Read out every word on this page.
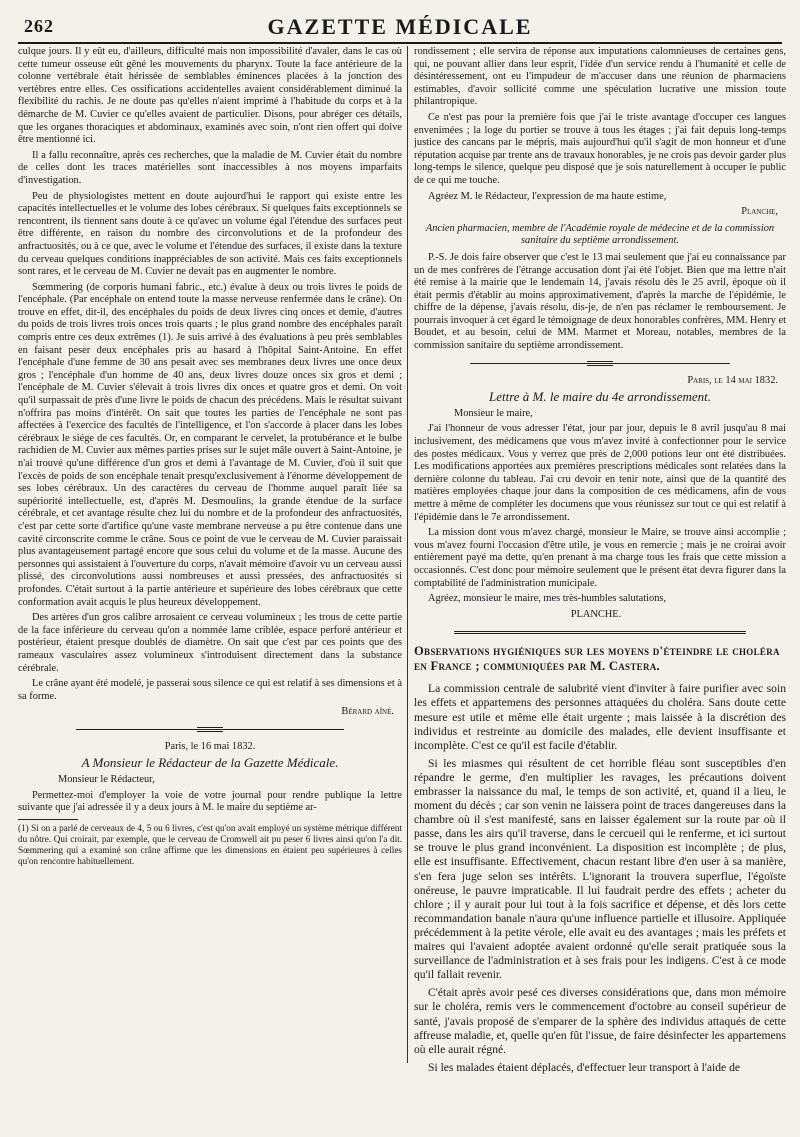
262	GAZETTE MÉDICALE

culque jours. Il y eût eu, d'ailleurs, difficulté mais non impossibilité d'avaler, dans le cas où cette tumeur osseuse eût gêné les mouvements du pharynx. Toute la face antérieure de la colonne vertébrale était hérissée de semblables éminences placées à la jonction des vertèbres entre elles. Ces ossifications accidentelles avaient considérablement diminué la flexibilité du rachis. Je ne doute pas qu'elles n'aient imprimé à l'habitude du corps et à la démarche de M. Cuvier ce qu'elles avaient de particulier. Disons, pour abréger ces détails, que les organes thoraciques et abdominaux, examinés avec soin, n'ont rien offert qui doive être mentionné ici.

Il a fallu reconnaître, après ces recherches, que la maladie de M. Cuvier était du nombre de celles dont les traces matérielles sont inaccessibles à nos moyens imparfaits d'investigation.

Peu de physiologistes mettent en doute aujourd'hui le rapport qui existe entre les capacités intellectuelles et le volume des lobes cérébraux. Si quelques faits exceptionnels se rencontrent, ils tiennent sans doute à ce qu'avec un volume égal l'étendue des surfaces peut être différente, en raison du nombre des circonvolutions et de la profondeur des anfractuosités, ou à ce que, avec le volume et l'étendue des surfaces, il existe dans la texture du cerveau quelques conditions inappréciables de son activité. Mais ces faits exceptionnels sont rares, et le cerveau de M. Cuvier ne devait pas en augmenter le nombre.

Sœmmering (de corporis humani fabric., etc.) évalue à deux ou trois livres le poids de l'encéphale. (Par encéphale on entend toute la masse nerveuse renfermée dans le crâne). On trouve en effet, dit-il, des encéphales du poids de deux livres cinq onces et demie, d'autres du poids de trois livres trois onces trois quarts ; le plus grand nombre des encéphales paraît compris entre ces deux extrêmes (1). Je suis arrivé à des évaluations à peu près semblables en faisant peser deux encéphales pris au hasard à l'hôpital Saint-Antoine. En effet l'encéphale d'une femme de 30 ans pesait avec ses membranes deux livres une once deux gros ; l'encéphale d'un homme de 40 ans, deux livres douze onces six gros et demi ; l'encéphale de M. Cuvier s'élevait à trois livres dix onces et quatre gros et demi. On voit qu'il surpassait de près d'une livre le poids de chacun des précédens. Mais le résultat suivant n'offrira pas moins d'intérêt. On sait que toutes les parties de l'encéphale ne sont pas affectées à l'exercice des facultés de l'intelligence, et l'on s'accorde à placer dans les lobes cérébraux le siége de ces facultés. Or, en comparant le cervelet, la protubérance et le bulbe rachidien de M. Cuvier aux mêmes parties prises sur le sujet mâle ouvert à Saint-Antoine, je n'ai trouvé qu'une différence d'un gros et demi à l'avantage de M. Cuvier, d'où il suit que l'excès de poids de son encéphale tenait presqu'exclusivement à l'énorme développement de ses lobes cérébraux. Un des caractères du cerveau de l'homme auquel paraît liée sa supériorité intellectuelle, est, d'après M. Desmoulins, la grande étendue de la surface cérébrale, et cet avantage résulte chez lui du nombre et de la profondeur des anfractuosités, c'est par cette sorte d'artifice qu'une vaste membrane nerveuse a pu être contenue dans une cavité circonscrite comme le crâne. Sous ce point de vue le cerveau de M. Cuvier paraissait plus avantageusement partagé encore que sous celui du volume et de la masse. Aucune des personnes qui assistaient à l'ouverture du corps, n'avait mémoire d'avoir vu un cerveau aussi plissé, des circonvolutions aussi nombreuses et aussi pressées, des anfractuosités si profondes. C'était surtout à la partie antérieure et supérieure des lobes cérébraux que cette conformation avait acquis le plus heureux développement.

Des artères d'un gros calibre arrosaient ce cerveau volumineux ; les trous de cette partie de la face inférieure du cerveau qu'on a nommée lame criblée, espace perforé antérieur et postérieur, étaient presque doublés de diamètre. On sait que c'est par ces points que des rameaux vasculaires assez volumineux s'introduisent directement dans la substance cérébrale.

Le crâne ayant été modelé, je passerai sous silence ce qui est relatif à ses dimensions et à sa forme.

Bérard aîné.
Paris, le 16 mai 1832.
A Monsieur le Rédacteur de la Gazette Médicale.
Monsieur le Rédacteur,

Permettez-moi d'employer la voie de votre journal pour rendre publique la lettre suivante que j'ai adressée il y a deux jours à M. le maire du septième ar-

(1) Si on a parlé de cerveaux de 4, 5 ou 6 livres, c'est qu'on avait employé un système métrique différent du nôtre. Qui croirait, par exemple, que le cerveau de Cromwell ait pu peser 6 livres ainsi qu'on l'a dit. Sœmmering qui a examiné son crâne affirme que les dimensions en étaient peu supérieures à celles qu'on rencontre habituellement.

rondissement ; elle servira de réponse aux imputations calomnieuses de certaines gens, qui, ne pouvant allier dans leur esprit, l'idée d'un service rendu à l'humanité et celle de désintéressement, ont eu l'impudeur de m'accuser dans une réunion de pharmaciens estimables, d'avoir sollicité comme une spéculation lucrative une mission toute philantropique.

Ce n'est pas pour la première fois que j'ai le triste avantage d'occuper ces langues envenimées ; la loge du portier se trouve à tous les étages ; j'ai fait depuis long-temps justice des cancans par le mépris, mais aujourd'hui qu'il s'agit de mon honneur et d'une réputation acquise par trente ans de travaux honorables, je ne crois pas devoir garder plus long-temps le silence, quelque peu disposé que je sois naturellement à occuper le public de ce qui me touche.

Agréez M. le Rédacteur, l'expression de ma haute estime,

Planche,
Ancien pharmacien, membre de l'Académie royale de médecine et de la commission sanitaire du septième arrondissement.

P.-S. Je dois faire observer que c'est le 13 mai seulement que j'ai eu connaissance par un de mes confrères de l'étrange accusation dont j'ai été l'objet. Bien que ma lettre n'ait été remise à la mairie que le lendemain 14, j'avais résolu dès le 25 avril, époque où il était permis d'établir au moins approximativement, d'après la marche de l'épidémie, le chiffre de la dépense, j'avais résolu, dis-je, de n'en pas réclamer le remboursement. Je pourrais invoquer à cet égard le témoignage de deux honorables confrères, MM. Henry et Boudet, et au besoin, celui de MM. Marmet et Moreau, notables, membres de la commission sanitaire du septième arrondissement.

Paris, le 14 mai 1832.
Lettre à M. le maire du 4e arrondissement.
Monsieur le maire,

J'ai l'honneur de vous adresser l'état, jour par jour, depuis le 8 avril jusqu'au 8 mai inclusivement, des médicamens que vous m'avez invité à confectionner pour le service des postes médicaux. Vous y verrez que près de 2,000 potions leur ont été distribuées. Les modifications apportées aux premières prescriptions médicales sont relatées dans la dernière colonne du tableau. J'ai cru devoir en tenir note, ainsi que de la quantité des matières employées chaque jour dans la composition de ces médicamens, afin de vous mettre à même de compléter les documens que vous réunissez sur tout ce qui est relatif à l'épidémie dans le 7e arrondissement.

La mission dont vous m'avez chargé, monsieur le Maire, se trouve ainsi accomplie ; vous m'avez fourni l'occasion d'être utile, je vous en remercie ; mais je ne croirai avoir entièrement payé ma dette, qu'en prenant à ma charge tous les frais que cette mission a occasionnés. C'est donc pour mémoire seulement que le présent état devra figurer dans la comptabilité de l'administration municipale.

Agréez, monsieur le maire, mes très-humbles salutations,

PLANCHE.
Observations hygiéniques sur les moyens d'éteindre le choléra en France ; communiquées par M. Castera.

La commission centrale de salubrité vient d'inviter à faire purifier avec soin les effets et appartemens des personnes attaquées du choléra. Sans doute cette mesure est utile et même elle était urgente ; mais laissée à la discrétion des individus et restreinte au domicile des malades, elle devient insuffisante et incomplète. C'est ce qu'il est facile d'établir.

Si les miasmes qui résultent de cet horrible fléau sont susceptibles d'en répandre le germe, d'en multiplier les ravages, les précautions doivent embrasser la naissance du mal, le temps de son activité, et, quand il a lieu, le moment du décès ; car son venin ne laissera point de traces dangereuses dans la chambre où il s'est manifesté, sans en laisser également sur la route par où il passe, dans les airs qu'il traverse, dans le cercueil qui le renferme, et ici surtout se trouve le plus grand inconvénient. La disposition est incomplète ; de plus, elle est insuffisante. Effectivement, chacun restant libre d'en user à sa manière, s'en fera juge selon ses intérêts. L'ignorant la trouvera superflue, l'égoïste onéreuse, le pauvre impraticable. Il lui faudrait perdre des effets ; acheter du chlore ; il y aurait pour lui tout à la fois sacrifice et dépense, et dès lors cette recommandation banale n'aura qu'une influence partielle et illusoire. Appliquée précédemment à la petite vérole, elle avait eu des avantages ; mais les préfets et maires qui l'avaient adoptée avaient ordonné qu'elle serait pratiquée sous la surveillance de l'administration et à ses frais pour les indigens. C'est à ce mode qu'il fallait revenir.

C'était après avoir pesé ces diverses considérations que, dans mon mémoire sur le choléra, remis vers le commencement d'octobre au conseil supérieur de santé, j'avais proposé de s'emparer de la sphère des individus attaqués de cette affreuse maladie, et, quelle qu'en fût l'issue, de faire désinfecter les appartemens où elle aurait régné.

Si les malades étaient déplacés, d'effectuer leur transport à l'aide de
